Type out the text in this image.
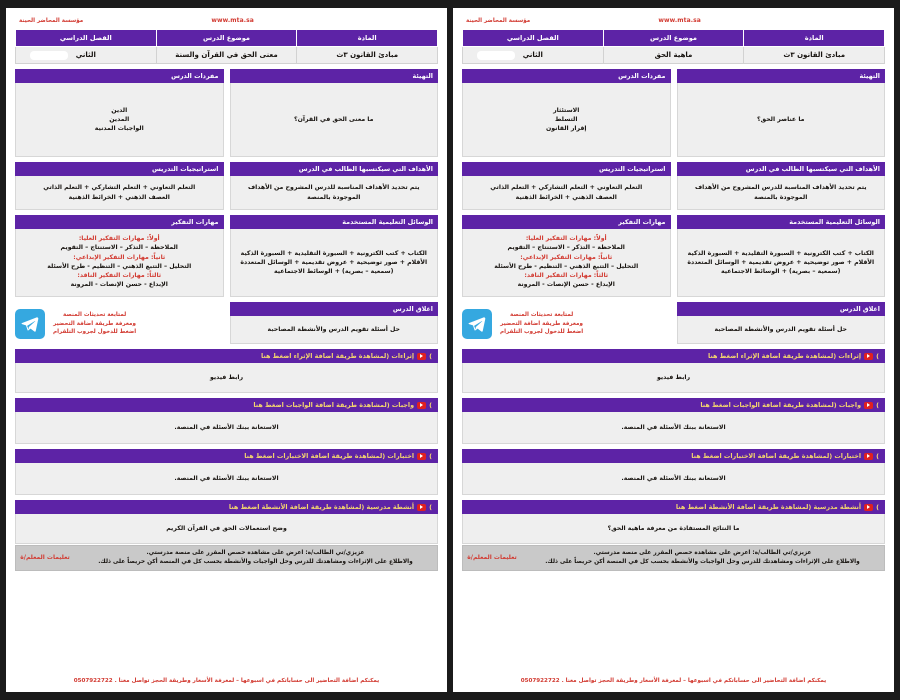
مؤسسة المحاضر الحينة	www.mta.sa
المادة	موضوع الدرس	الفصل الدراسي
مبادئ القانون ٣ث	ماهية الحق	الثاني
التهيئة
ما عناصر الحق؟
الأهداف التي سيكتسبها الطالب في الدرس
يتم تحديد الأهداف المناسبة للدرس المشروح من الأهداف الموجودة بالمنصة
الوسائل التعليمية المستخدمة
الكتاب + كتب الكترونية + السبورة التقليدية + السبورة الذكية
الأقلام + صور توضيحية + عروض تقديمية + الوسائل المتعددة
(سمعية – بصرية) + الوسائط الاجتماعية
اغلاق الدرس
حل أسئلة تقويم الدرس والأنشطة المصاحبة
مفردات الدرس
الاستئثار
التسلط
إقرار القانون
استراتيجيات التدريس
التعلم التعاوني + التعلم التشاركي + التعلم الذاتي
العصف الذهني + الخرائط الذهنية
مهارات التفكير
أولاً: مهارات التفكير العليا:
الملاحظة – التذكر – الاستنتاج – التقويم
ثانياً: مهارات التفكير الإبداعي:
التحليل – التتبع الذهني – التنظيم - طرح الأسئلة
ثالثاً: مهارات التفكير الناقد:
الإبداع - حسن الإنصات - المرونة
لمتابعة تحديثات المنصة
ومعرفة طريقة اضافة التحضير
اضغط للدخول لجروب التلقرام
)
إثراءات (لمشاهدة طريقة اضافة الإثراء اضغط هنا
رابط فيديو
)
واجبات (لمشاهدة طريقة اضافة الواجبات اضغط هنا
الاستعانة ببنك الأسئلة في المنصة.
)
اختبارات (لمشاهدة طريقة اضافة الاختبارات اضغط هنا
الاستعانة ببنك الأسئلة في المنصة.
)
أنشطة مدرسية (لمشاهدة طريقة اضافة الأنشطة اضغط هنا
ما النتائج المستفادة من معرفة ماهية الحق؟
عزيزي/تي الطالب/ة: اعرض على مشاهدة حصص المقرر على منصة مدرستي.
والاطلاع على الإثراءات ومشاهدتك للدرس وحل الواجبات والأنشطة بحسب كل في المنصة أكن حريصاً على ذلك.
تعليمات المعلم/ة
يمكنكم اضافة التحاضير الى حساباتكم في اسبوعها – لمعرفة الأسعار وطريقة الحجز تواصل معنا . 0507922722
مؤسسة المحاضر الحينة	www.mta.sa
المادة	موضوع الدرس	الفصل الدراسي
مبادئ القانون ٣ث	معنى الحق في القرآن والسنة	الثاني
التهيئة
ما معنى الحق في القرآن؟
الأهداف التي سيكتسبها الطالب في الدرس
يتم تحديد الأهداف المناسبة للدرس المشروح من الأهداف الموجودة بالمنصة
الوسائل التعليمية المستخدمة
الكتاب + كتب الكترونية + السبورة التقليدية + السبورة الذكية
الأقلام + صور توضيحية + عروض تقديمية + الوسائل المتعددة
(سمعية – بصرية) + الوسائط الاجتماعية
اغلاق الدرس
حل أسئلة تقويم الدرس والأنشطة المصاحبة
مفردات الدرس
الدين
المدين
الواجبات المدنية
استراتيجيات التدريس
التعلم التعاوني + التعلم التشاركي + التعلم الذاتي
العصف الذهني + الخرائط الذهنية
مهارات التفكير
أولاً: مهارات التفكير العليا:
الملاحظة – التذكر – الاستنتاج – التقويم
ثانياً: مهارات التفكير الإبداعي:
التحليل – التتبع الذهني – التنظيم - طرح الأسئلة
ثالثاً: مهارات التفكير الناقد:
الإبداع - حسن الإنصات - المرونة
لمتابعة تحديثات المنصة
ومعرفة طريقة اضافة التحضير
اضغط للدخول لجروب التلقرام
)
إثراءات (لمشاهدة طريقة اضافة الإثراء اضغط هنا
رابط فيديو
)
واجبات (لمشاهدة طريقة اضافة الواجبات اضغط هنا
الاستعانة ببنك الأسئلة في المنصة.
)
اختبارات (لمشاهدة طريقة اضافة الاختبارات اضغط هنا
الاستعانة ببنك الأسئلة في المنصة.
)
أنشطة مدرسية (لمشاهدة طريقة اضافة الأنشطة اضغط هنا
وضح استعمالات الحق في القرآن الكريم
عزيزي/تي الطالب/ة: اعرض على مشاهدة حصص المقرر على منصة مدرستي.
والاطلاع على الإثراءات ومشاهدتك للدرس وحل الواجبات والأنشطة بحسب كل في المنصة أكن حريصاً على ذلك.
تعليمات المعلم/ة
يمكنكم اضافة التحاضير الى حساباتكم في اسبوعها – لمعرفة الأسعار وطريقة الحجز تواصل معنا . 0507922722
